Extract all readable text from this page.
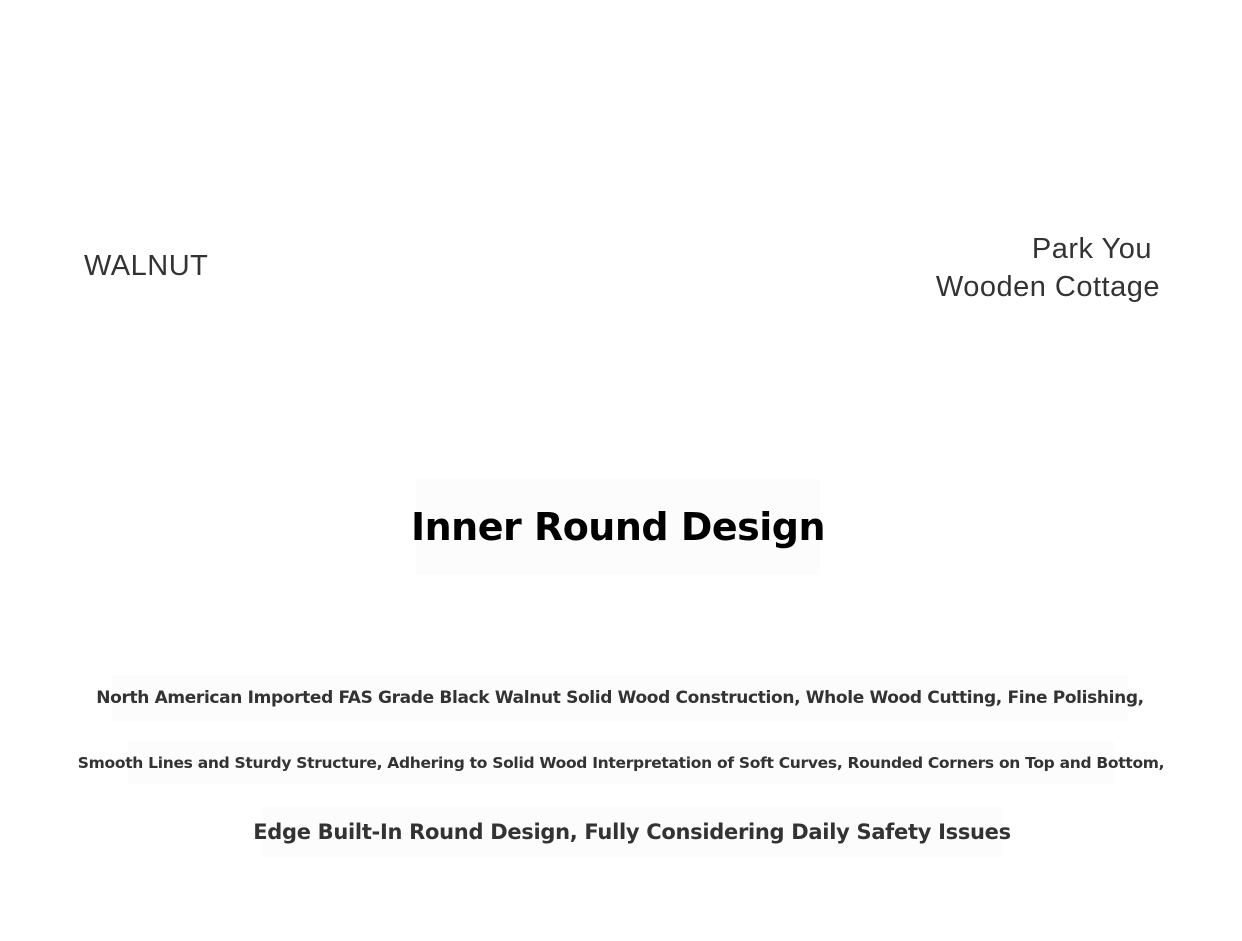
WALNUT
Park You
Wooden Cottage
Inner Round Design
North American Imported FAS Grade Black Walnut Solid Wood Construction, Whole Wood Cutting, Fine Polishing,
Smooth Lines and Sturdy Structure, Adhering to Solid Wood Interpretation of Soft Curves, Rounded Corners on Top and Bottom,
Edge Built-In Round Design, Fully Considering Daily Safety Issues
